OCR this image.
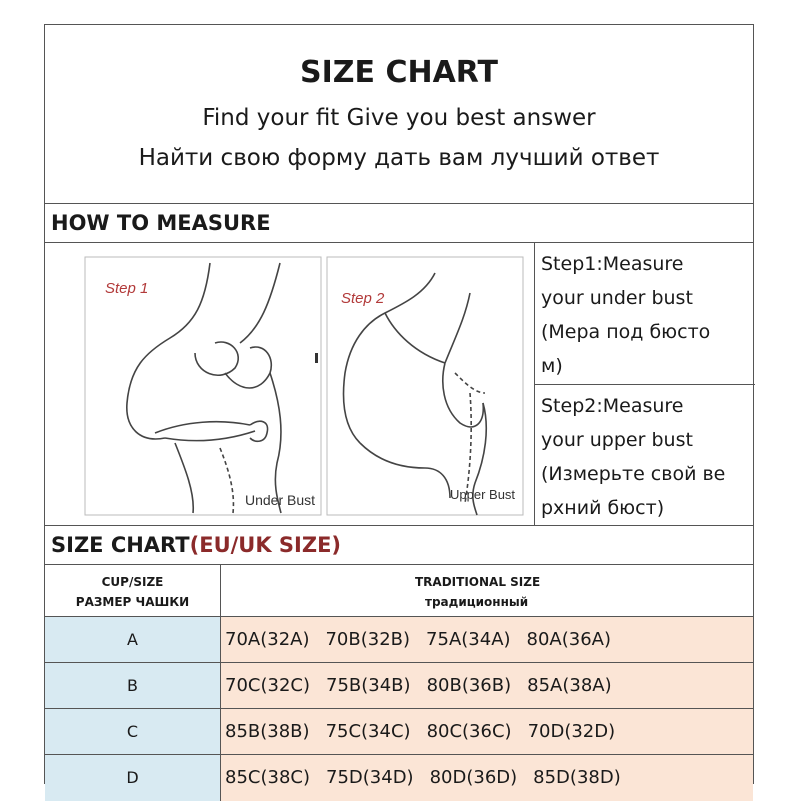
SIZE CHART
Find your fit Give you best answer
Найти свою форму дать вам лучший ответ
HOW TO MEASURE
Step 1
Under Bust
Step 2
Upper Bust
Step1:Measure
your under bust
(Мера под бюсто
м)
Step2:Measure
your upper bust
(Измерьте свой ве
рхний бюст)
SIZE CHART(EU/UK SIZE)
CUP/SIZE
РАЗМЕР ЧАШКИ
TRADITIONAL SIZE
традиционный
A	70A(32A) 70B(32B) 75A(34A) 80A(36A)
B	70C(32C) 75B(34B) 80B(36B) 85A(38A)
C	85B(38B) 75C(34C) 80C(36C) 70D(32D)
D	85C(38C) 75D(34D) 80D(36D) 85D(38D)
